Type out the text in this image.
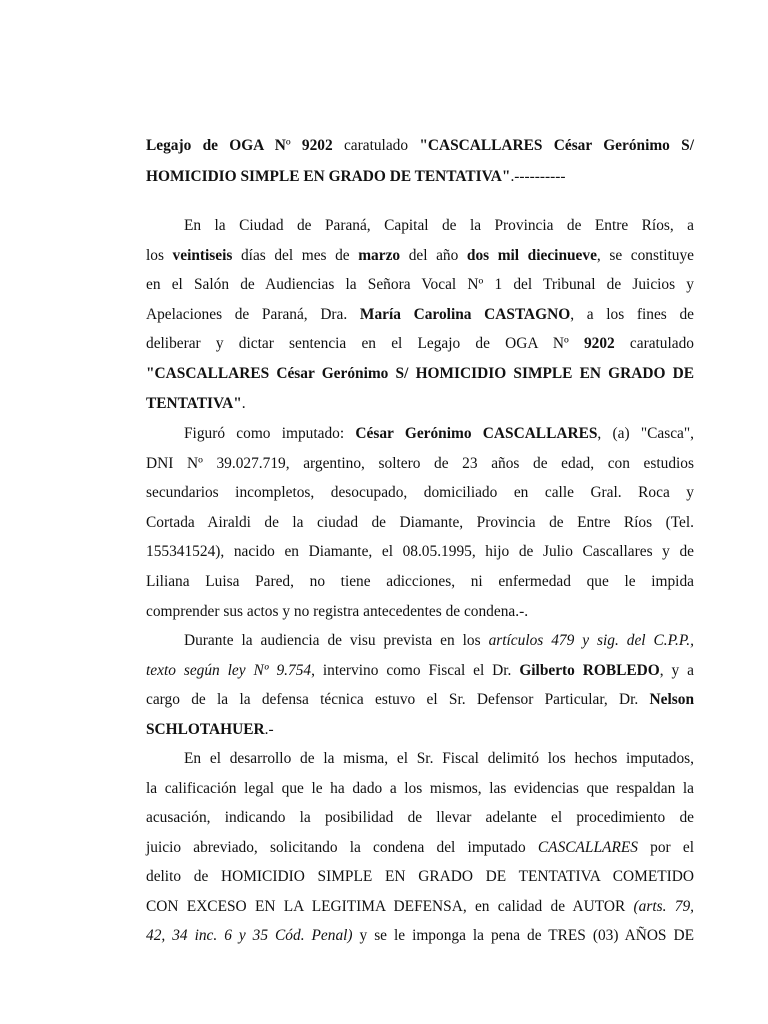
Legajo de OGA Nº 9202 caratulado "CASCALLARES César Gerónimo S/
HOMICIDIO SIMPLE EN GRADO DE TENTATIVA".----------
En la Ciudad de Paraná, Capital de la Provincia de Entre Ríos, a
los veintiseis días del mes de marzo del año dos mil diecinueve, se constituye
en el Salón de Audiencias la Señora Vocal Nº 1 del Tribunal de Juicios y
Apelaciones de Paraná, Dra. María Carolina CASTAGNO, a los fines de
deliberar y dictar sentencia en el Legajo de OGA Nº 9202 caratulado
"CASCALLARES César Gerónimo S/ HOMICIDIO SIMPLE EN GRADO DE
TENTATIVA".
Figuró como imputado: César Gerónimo CASCALLARES, (a) "Casca",
DNI Nº 39.027.719, argentino, soltero de 23 años de edad, con estudios
secundarios incompletos, desocupado, domiciliado en calle Gral. Roca y
Cortada Airaldi de la ciudad de Diamante, Provincia de Entre Ríos (Tel.
155341524), nacido en Diamante, el 08.05.1995, hijo de Julio Cascallares y de
Liliana Luisa Pared, no tiene adicciones, ni enfermedad que le impida
comprender sus actos y no registra antecedentes de condena.-.
Durante la audiencia de visu prevista en los artículos 479 y sig. del C.P.P.,
texto según ley Nº 9.754, intervino como Fiscal el Dr. Gilberto ROBLEDO, y a
cargo de la la defensa técnica estuvo el Sr. Defensor Particular, Dr. Nelson
SCHLOTAHUER.-
En el desarrollo de la misma, el Sr. Fiscal delimitó los hechos imputados,
la calificación legal que le ha dado a los mismos, las evidencias que respaldan la
acusación, indicando la posibilidad de llevar adelante el procedimiento de
juicio abreviado, solicitando la condena del imputado CASCALLARES por el
delito de HOMICIDIO SIMPLE EN GRADO DE TENTATIVA COMETIDO
CON EXCESO EN LA LEGITIMA DEFENSA, en calidad de AUTOR (arts. 79,
42, 34 inc. 6 y 35 Cód. Penal) y se le imponga la pena de TRES (03) AÑOS DE
